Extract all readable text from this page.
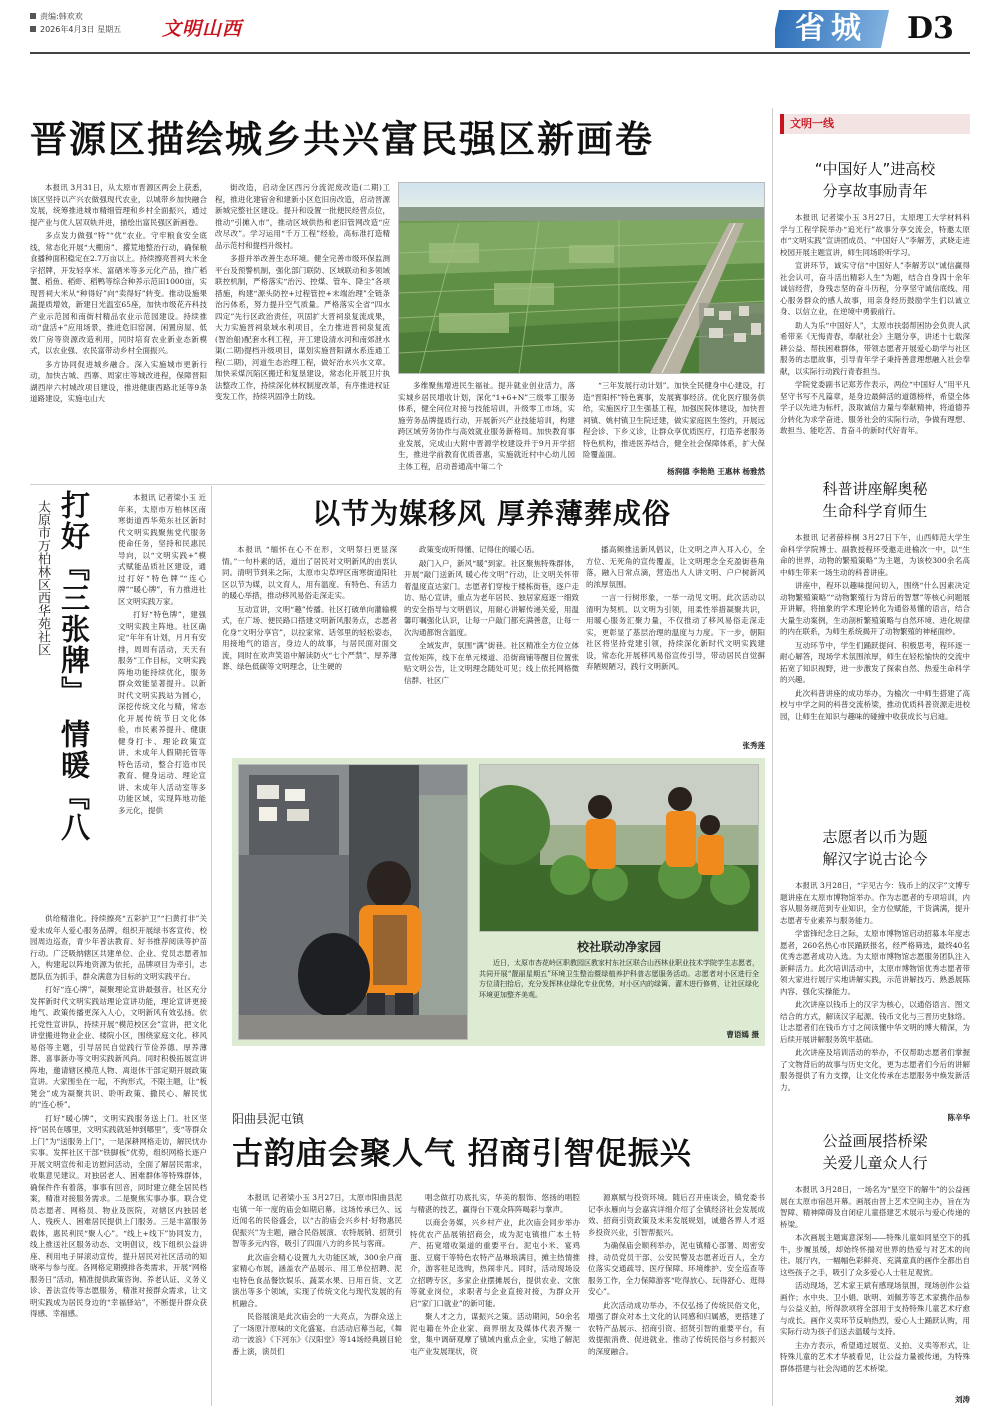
责编:韩欢欢
2026年4月3日 星期五	文明山西	省城 D3
晋源区描绘城乡共兴富民强区新画卷

本报讯 3月31日，从太原市晋源区两会上获悉，该区坚持以产兴农做强现代农业，以城带乡加快融合发展，统筹推进城市精细管理和乡村全面振兴，通过提产业与优人居双轨并进，描绘出富民强区新画卷。

多点发力做强“特”“优”农业。守牢粮食安全底线，常态化开展“大棚房”、撂荒地整治行动，确保粮食播种面积稳定在2.7万亩以上。持续擦亮晋祠大米金字招牌，开发轻享米、富硒米等多元化产品，推广稻蟹、稻鱼、稻虾、稻鸭等综合种养示范田1000亩，实现晋祠大米从“种得好”向“卖得好”转变。推动设施果蔬提质增效，新建日光温室65座，加快市级花卉科技产业示范园和南街村精品农业示范园建设。持续推动“盘活+”应用场景，推进危旧窑洞、闲置房屋、低效厂房等资源改造利用，同时培育农业新业态新模式，以农业强、农民富带动乡村全面振兴。

多方协同促进城乡融合。深入实施城市更新行动，加快古城、西寨、周家庄等城改进程，保障晋阳湖西岸六村城改项目建设，推进健康西路北延等9条道路建设，实施屯山大

街改造，启动金区西污分流泥废改造(二期)工程，推进化建宿舍和建新小区危旧房改造，启动晋源新城完整社区建设。提升和设置一批便民经营点位，推动“引摊入市”，推动区域供热和老旧管网改造“应改尽改”。学习运用“千万工程”经验，高标准打造精品示范村和提档升级村。

多措并举改善生态环境。健全完善市级环保监测平台及预警机制，强化部门联防、区域联动和多领域联控机制，严格落实“治污、控煤、管车、降尘”各项措施，构建“源头防控+过程管控+末端治理”全链条治污体系，努力提升空气质量。严格落实全省“四水四定”先行区政治责任，巩固扩大晋祠泉复流成果，大力实施晋祠泉域水利项目，全力推进晋祠泉复流(智治船)配套水利工程，开工建设清水河和南郊泄水渠(二期)提档升级项目，谋划实施晋阳湖水系连通工程(二期)，河道生态治理工程，做好治水兴水文章。加快采煤沉陷区搬迁和复垦建设，常态化开展卫片执法整改工作，持续深化林权制度改革，有序推进权证变发工作，持续巩固净土防线。

多维聚焦增进民生福祉。提升就业创业活力，落实城乡居民增收计划，深化“1+6+N”三级零工服务体系，健全问位对接与技能培训，升级零工市场，实施劳务品牌提质行动，开展新兴产业技能培训，构建跨区域劳务协作与高效就业服务新格局。加快教育事业发展，完成山大附中晋源学校建设并于9月开学招生，推进学前教育优质普惠，实施就近村中心幼儿园主体工程，启动普通高中第二个

“三年发展行动计划”。加快全民健身中心建设，打造“晋阳杯”特色赛事，发展赛事经济。优化医疗服务供给，实施医疗卫生强基工程，加强医院体建设，加快晋祠镇、姚村镇卫生院迁建，做实家庭医生签约，开展远程会诊、下乡义诊，让群众享优质医疗，打造养老服务特色机构，推进医养结合，健全社会保障体系，扩大保险覆盖面。

杨润德 李艳艳 王惠林 杨雅然
打好『三张牌』 情暖『八
太原市万柏林区西华苑社区

本报讯 记者梁小玉 近年来，太原市万柏林区南寒街道西华苑东社区新时代文明实践聚焦党代服务使命任务，坚持和民惠民导向，以“文明实践+”模式赋能品质社区建设，通过打好“特色牌”“连心牌”“暖心牌”，有力推进社区文明实践万家。

打好“特色牌”，建强文明实践主阵地。社区确定“年年有计划，月月有安排，周周有活动，天天有服务”工作目标，文明实践阵地功能持续优化，服务群众效能显著提升。以新时代文明实践站为圆心，深挖传统文化与精，常态化开展传统节日文化体验，市民素养提升、健康健身打卡、理论政策宣讲、未成年人假期托管等特色活动，整合打造市民教育、健身运动、理论宣讲、未成年人活动室等多功能区域，实现阵地功能多元化，提供

供给精准化。持续擦亮“五彩护卫”“扫黄打非”关爱未成年人爱心服务品牌，组织开展绿书客宣传、校园周边巡查，青少年普法教育、好书推荐阅读等护苗行动。广泛吸纳辖区共建单位、企业、党员志愿者加入，构建起以阵地资源为依托，品牌项目为牵引，志愿队伍为抓手，群众满意为目标的文明实践平台。

打好“连心牌”，凝聚理论宣讲最强音。社区充分发挥新时代文明实践站理论宣讲功能，理论宣讲更接地气、政策传播更深入人心，文明新风有效弘扬。依托党性宣讲队，持续开展“模范校区会”宣讲，把文化讲堂搬进物业企业、楼院小区，围绕家庭文化、移风易俗等主题，引导居民自觉践行节俭养德、厚养薄葬、喜事新办等文明实践新风尚。同时积极拓展宣讲阵地，邀请辖区模范人物、离退休干部定期开展政策宣讲。大家围坐在一起，不拘形式，不限主题，让“板凳会”成为凝聚共识、聆听政策、撒民心、解民忧的“连心桥”。

打好“暖心牌”，文明实践服务送上门。社区坚持“居民在哪里，文明实践就延伸到哪里”，变“等群众上门”为“送服务上门”，一是深耕网格走访，解民忧办实事。发挥社区干部“铁脚板”优势，组织网格长逐户开展文明宣传和走访慰问活动，全面了解居民需求，收集意见建议。对独居老人、困难群体等特殊群体，确保件件有着落，事事有回音，同时建立健全居民档案，精准对接服务需求。二是聚焦实事办事。联合党员志愿者、网格员、物业及医院，对辖区内独居老人、残疾人、困难居民提供上门服务。三是丰富服务载体，惠民利民“聚人心”。“线上+线下”协同发力，线上推送社区服务动态、文明倡议，线下组织公益讲座、利用电子屏滚动宣传，提升居民对社区活动的知晓率与参与度。各网格定期摸排各类需求，开展“网格服务日”活动，精准提供政策咨询、养老认证、义务义诊、普法宣传等志愿服务，精准对接群众需求，让文明实践成为居民身边的“幸福驿站”，不断提升群众获得感、幸福感。

以节为媒移风 厚养薄葬成俗

本报讯 “缅怀在心不在形，文明祭扫更显深情。”一句朴素的话，道出了居民对文明新风的由衷认同。清明节到来之际，太原市尖草坪区南寒街道阳社区以节为媒，以文育人，用有温度、有特色、有活力的暖心举措，推动移风易俗走深走实。

互动宣讲，文明“趣”传播。社区打破单向灌输模式，在广场、便民路口搭建文明新风服务点，志愿者化身“文明分享官”，以拉家常、话邻里的轻松姿态，用接地气的语言，身边人的故事，与居民面对面交流，同时在欢声笑语中解读防火“七个严禁”、厚养薄葬、绿色低碳等文明理念，让生硬的

政策变成听得懂、记得住的暖心话。

敲门入户，新风“暖”到家。社区聚焦特殊群体，开展“敲门送新风 暖心传文明”行动，让文明关怀带着温度直达家门。志愿者们穿梭于楼栋街巷，逐户走访、贴心宣讲，重点为老年居民、独居家庭逐一细致的安全指导与文明倡议，用耐心讲解传递关爱，用温馨叮嘱强化认识，让每一户敲门都充满善意，让每一次沟通都饱含温度。

全域发声，氛围“满”街巷。社区精准全方位立体宣传矩阵，线下在单元楼道、沿街商铺等醒目位置张贴文明公告，让文明理念随处可见；线上依托网格微信群、社区广

播高频推送新风倡议，让文明之声入耳入心，全方位、无死角的宣传覆盖，让文明理念全充盈街巷角落，融入日常点滴，营造出人人讲文明、户户树新风的浓厚氛围。

一言一行树形象，一举一动见文明。此次活动以清明为契机、以文明为引领，用柔性举措凝聚共识，用暖心服务汇聚力量，不仅推动了移风易俗走深走实，更彰显了基层治理的温度与力度。下一步，朝阳社区将坚持党建引领，持续深化新时代文明实践建设，常态化开展移风易俗宣传引导，带动居民自觉摒弃陋规陋习，践行文明新风。

张秀莲
校社联动净家园

近日，太原市杏花岭区职教园区教家村东社区联合山西林业职业技术学院学生志愿者，共同开展“靓丽星期五”环境卫生整治暨绿植养护科普志愿服务活动。志愿者对小区进行全方位清扫拾后，充分发挥林业绿化专业优势，对小区内的绿篱、灌木进行修剪，让社区绿化环境更加整齐美观。

曹语嫣 摄
阳曲县泥屯镇
古韵庙会聚人气 招商引智促振兴

本报讯 记者梁小玉 3月27日，太原市阳曲县泥屯镇一年一度的庙会如期启幕。这场传承已久、远近闻名的民俗盛会，以“古韵庙会兴乡村·好物惠民促振兴”为主题，融合民俗展演、农特展销、招贤引智等多元内容，吸引了四面八方的乡民与客商。

此次庙会精心设置九大功能区域，300余户商家精心布展，涵盖农产品展示、用工单位招聘、泥屯特色食品餐饮娱乐、蔬菜水果、日用百货、文艺演出等多个领域，实现了传统文化与现代发展的有机融合。

民俗展演是此次庙会的一大亮点，为群众送上了一场原汁原味的文化盛宴。自活动启幕当起，《舞动一波浪》《下河东》《汉阳堂》等14场经典剧目轮番上演，演员们

唱念做打功底扎实，华美的服饰、悠扬的唱腔与精湛的技艺，赢得台下观众阵阵喝彩与掌声。

以商会务媒，兴乡村产业，此次庙会同步举办特优农产品展销招商会，成为泥屯镇推广本土特产、拓宽增收渠道的重要平台。泥屯小米、宴鸡蛋、豆腐干等特色农特产品琳琅满目，摊主热情推介，游客驻足选购，热闹非凡。同时，活动现场设立招聘专区，多家企业摆摊展台，提供农业、文旅等就业岗位，求职者与企业直接对接，为群众开启“家门口就业”的新可能。

聚人才之力，谋振兴之策。活动期间，50余名泥屯籍在外企业家、商界朋友及媒体代表齐聚一堂，集中调研观摩了镇域内重点企业，实地了解泥屯产业发展现状，资

源禀赋与投资环境。随后召开座谈会，镇党委书记李永雁向与会嘉宾详细介绍了全镇经济社会发展成效、招商引资政策及未来发展规划，诚邀各界人才返乡投资兴业，引智帮振兴。

为确保庙会顺利举办，泥屯镇精心部署、周密安排，动员党员干部、公安民警及志愿者近百人，全方位落实交通疏导、医疗保障、环境维护、安全巡查等服务工作，全力保障游客“吃得放心、玩得舒心、逛得安心”。

此次活动成功举办，不仅弘扬了传统民俗文化，增强了群众对本土文化的认同感和归属感，更搭建了农特产品展示、招商引资、招贤引智的重要平台，有效提振消费、促进就业、推动了传统民俗与乡村振兴的深度融合。

文明一线
“中国好人”进高校
分享故事励青年

本报讯 记者梁小玉 3月27日，太原理工大学材料科学与工程学院举办“追光行”故事分享交流会，特邀太原市“文明实践”宣讲团成员、“中国好人”李解芳，武晓走进校园开展主题宣讲，师生同场聆听学习。

宣讲环节，诚实守信“中国好人”李解芳以“诚信赢得社会认可，奋斗活出精彩人生”为题，结合自身四十余年诚信经营，身残志坚的奋斗历程，分享坚守诚信底线、用心服务群众的感人故事，用亲身经历鼓励学生们以诚立身、以信立业，在逆境中勇毅前行。

助人为乐“中国好人”，太原市扶弱帮困协会负责人武希带来《无悔青春，奉献社会》主题分享，讲述十七载深耕公益、帮扶困难群体，带领志愿者开展爱心助学与社区服务的志愿故事，引导青年学子秉持善意理想融入社会奉献，以实际行动践行青春担当。

学院党委副书记郑芳作表示，两位“中国好人”用平凡坚守书写不凡篇章，是身边最鲜活的道德榜样，希望全体学子以先进为标杆，汲取诚信力量与奉献精神，将道德养分转化为求学奋进、服务社会的实际行动，争做有理想、敢担当、能吃苦、肯奋斗的新时代好青年。

科普讲座解奥秘
生命科学育师生

本报讯 记者薛梓桐 3月27日下午，山西师范大学生命科学学院博士、副教授程环受邀走进榆次一中，以“生命的世界，动物的繁殖策略”为主题，为该校300余名高中师生带来一场生动的科普讲座。

讲座中，程环以趣味提问切入，围绕“什么因素决定动物繁殖策略”“动物繁殖行为背后的智慧”等核心问题展开讲解，将抽象的学术理论转化为通俗易懂的语言，结合大量生动案例，生动剖析繁殖策略与自然环境、进化规律的内在联系，为师生系统揭开了动物繁殖的神秘面纱。

互动环节中，学生们踊跃提问、积极思考，程环逐一耐心解答，现场学术氛围浓厚，师生在轻松愉快的交流中拓宽了知识视野，进一步激发了探索自然、热爱生命科学的兴趣。

此次科普讲座的成功举办，为榆次一中师生搭建了高校与中学之间的科普交流桥梁，推动优质科普资源走进校园，让师生在知识与趣味的碰撞中收获成长与启迪。

志愿者以币为题
解汉字说古论今

本报讯 3月28日，“字见古今：钱币上的汉字”文博专题讲座在太原市博物馆举办。作为志愿者的专项培训，内容从服务规范到专业知识，全方位赋能，干货满满，提升志愿者专业素养与服务能力。

学雷锋纪念日之际，太原市博物馆启动招募本年度志愿者，260名热心市民踊跃报名，经严格筛选，最终40名优秀志愿者成功入选。为太原市博物馆志愿服务团队注入新鲜活力。此次培训活动中，太原市博物馆优秀志愿者带领大家进行展厅实地讲解实践，示范讲解技巧、熟悉展陈内容、强化实操能力。

此次讲座以钱币上的汉字为核心，以通俗语言、图文结合的方式，解读汉字起源、钱币文化与三晋历史脉络。让志愿者们在钱币方寸之间读懂中华文明的博大精深，为后续开展讲解服务筑牢基础。

此次讲座及培训活动的举办，不仅帮助志愿者们掌握了文物背后的故事与历史文化，更为志愿者们今后的讲解服务提供了有力支撑，让文化传承在志愿服务中焕发新活力。

陈辛华
公益画展搭桥梁
关爱儿童众人行

本报讯 3月28日，一场名为“星空下的解牛”的公益画展在太原市宿邑开幕。画展由晋上艺术空间主办，旨在为智障、精神障碍及自闭症儿童搭建艺术展示与爱心传递的桥梁。

本次画展主题寓意深刻——特殊儿童如同星空下的孤牛，步履虽缓，却始终怀揣对世界的热爱与对艺术的向往。展厅内，一幅幅色彩鲜亮、充满童真的画作全都出自这些孩子之手，吸引了众多爱心人士驻足观赏。

活动现场，艺术家王斌有感现场氛围，现场创作公益画作；水中央、卫小娟、耿明、刘佩芳等艺术家携作品参与公益义拍，所得款项将全部用于支持特殊儿童艺术疗愈与成长。画作义卖环节反响热烈，爱心人士踊跃认购，用实际行动为孩子们送去温暖与支持。

主办方表示，希望通过展览、义拍、义卖等形式，让特殊儿童的艺术才华被看见，让公益力量被传递，为特殊群体搭建与社会沟通的艺术桥梁。

刘涛
